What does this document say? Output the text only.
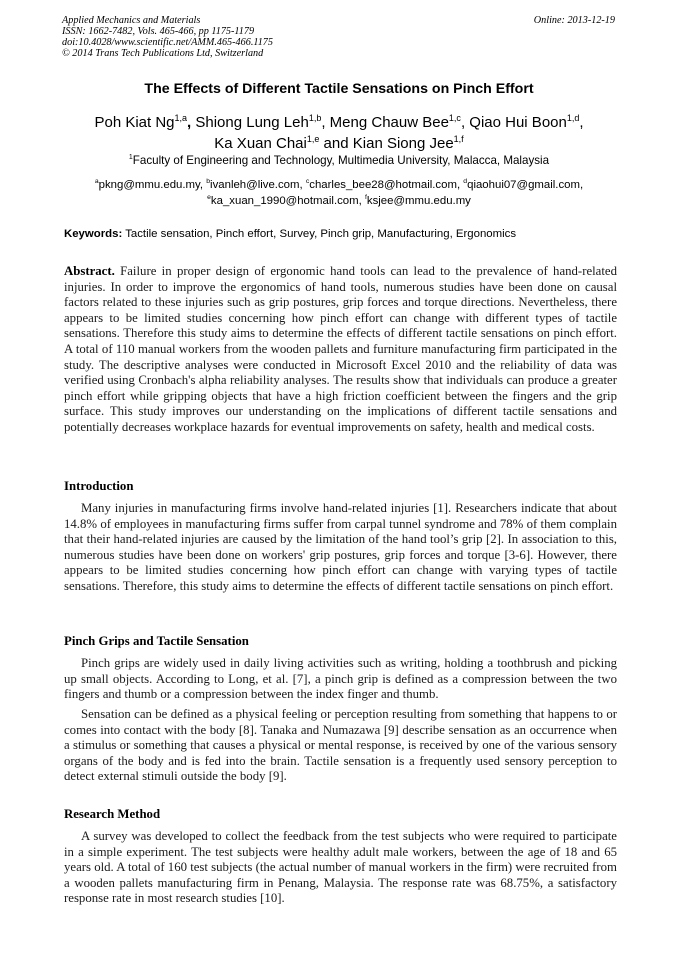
Applied Mechanics and Materials
ISSN: 1662-7482, Vols. 465-466, pp 1175-1179
doi:10.4028/www.scientific.net/AMM.465-466.1175
© 2014 Trans Tech Publications Ltd, Switzerland
Online: 2013-12-19
The Effects of Different Tactile Sensations on Pinch Effort
Poh Kiat Ng$^{1,a}$, Shiong Lung Leh$^{1,b}$, Meng Chauw Bee$^{1,c}$, Qiao Hui Boon$^{1,d}$,
Ka Xuan Chai$^{1,e}$ and Kian Siong Jee$^{1,f}$
$^1$Faculty of Engineering and Technology, Multimedia University, Malacca, Malaysia
$^a$pkng@mmu.edu.my, $^b$ivanleh@live.com, $^c$charles_bee28@hotmail.com, $^d$qiaohui07@gmail.com,
$^e$ka_xuan_1990@hotmail.com, $^f$ksjee@mmu.edu.my
Keywords: Tactile sensation, Pinch effort, Survey, Pinch grip, Manufacturing, Ergonomics
Abstract. Failure in proper design of ergonomic hand tools can lead to the prevalence of hand-related injuries. In order to improve the ergonomics of hand tools, numerous studies have been done on causal factors related to these injuries such as grip postures, grip forces and torque directions. Nevertheless, there appears to be limited studies concerning how pinch effort can change with different types of tactile sensations. Therefore this study aims to determine the effects of different tactile sensations on pinch effort. A total of 110 manual workers from the wooden pallets and furniture manufacturing firm participated in the study. The descriptive analyses were conducted in Microsoft Excel 2010 and the reliability of data was verified using Cronbach's alpha reliability analyses. The results show that individuals can produce a greater pinch effort while gripping objects that have a high friction coefficient between the fingers and the grip surface. This study improves our understanding on the implications of different tactile sensations and potentially decreases workplace hazards for eventual improvements on safety, health and medical costs.
Introduction
Many injuries in manufacturing firms involve hand-related injuries [1]. Researchers indicate that about 14.8% of employees in manufacturing firms suffer from carpal tunnel syndrome and 78% of them complain that their hand-related injuries are caused by the limitation of the hand tool’s grip [2]. In association to this, numerous studies have been done on workers' grip postures, grip forces and torque [3-6]. However, there appears to be limited studies concerning how pinch effort can change with varying types of tactile sensations. Therefore, this study aims to determine the effects of different tactile sensations on pinch effort.
Pinch Grips and Tactile Sensation
Pinch grips are widely used in daily living activities such as writing, holding a toothbrush and picking up small objects. According to Long, et al. [7], a pinch grip is defined as a compression between the two fingers and thumb or a compression between the index finger and thumb.
Sensation can be defined as a physical feeling or perception resulting from something that happens to or comes into contact with the body [8]. Tanaka and Numazawa [9] describe sensation as an occurrence when a stimulus or something that causes a physical or mental response, is received by one of the various sensory organs of the body and is fed into the brain. Tactile sensation is a frequently used sensory perception to detect external stimuli outside the body [9].
Research Method
A survey was developed to collect the feedback from the test subjects who were required to participate in a simple experiment. The test subjects were healthy adult male workers, between the age of 18 and 65 years old. A total of 160 test subjects (the actual number of manual workers in the firm) were recruited from a wooden pallets manufacturing firm in Penang, Malaysia. The response rate was 68.75%, a satisfactory response rate in most research studies [10].
